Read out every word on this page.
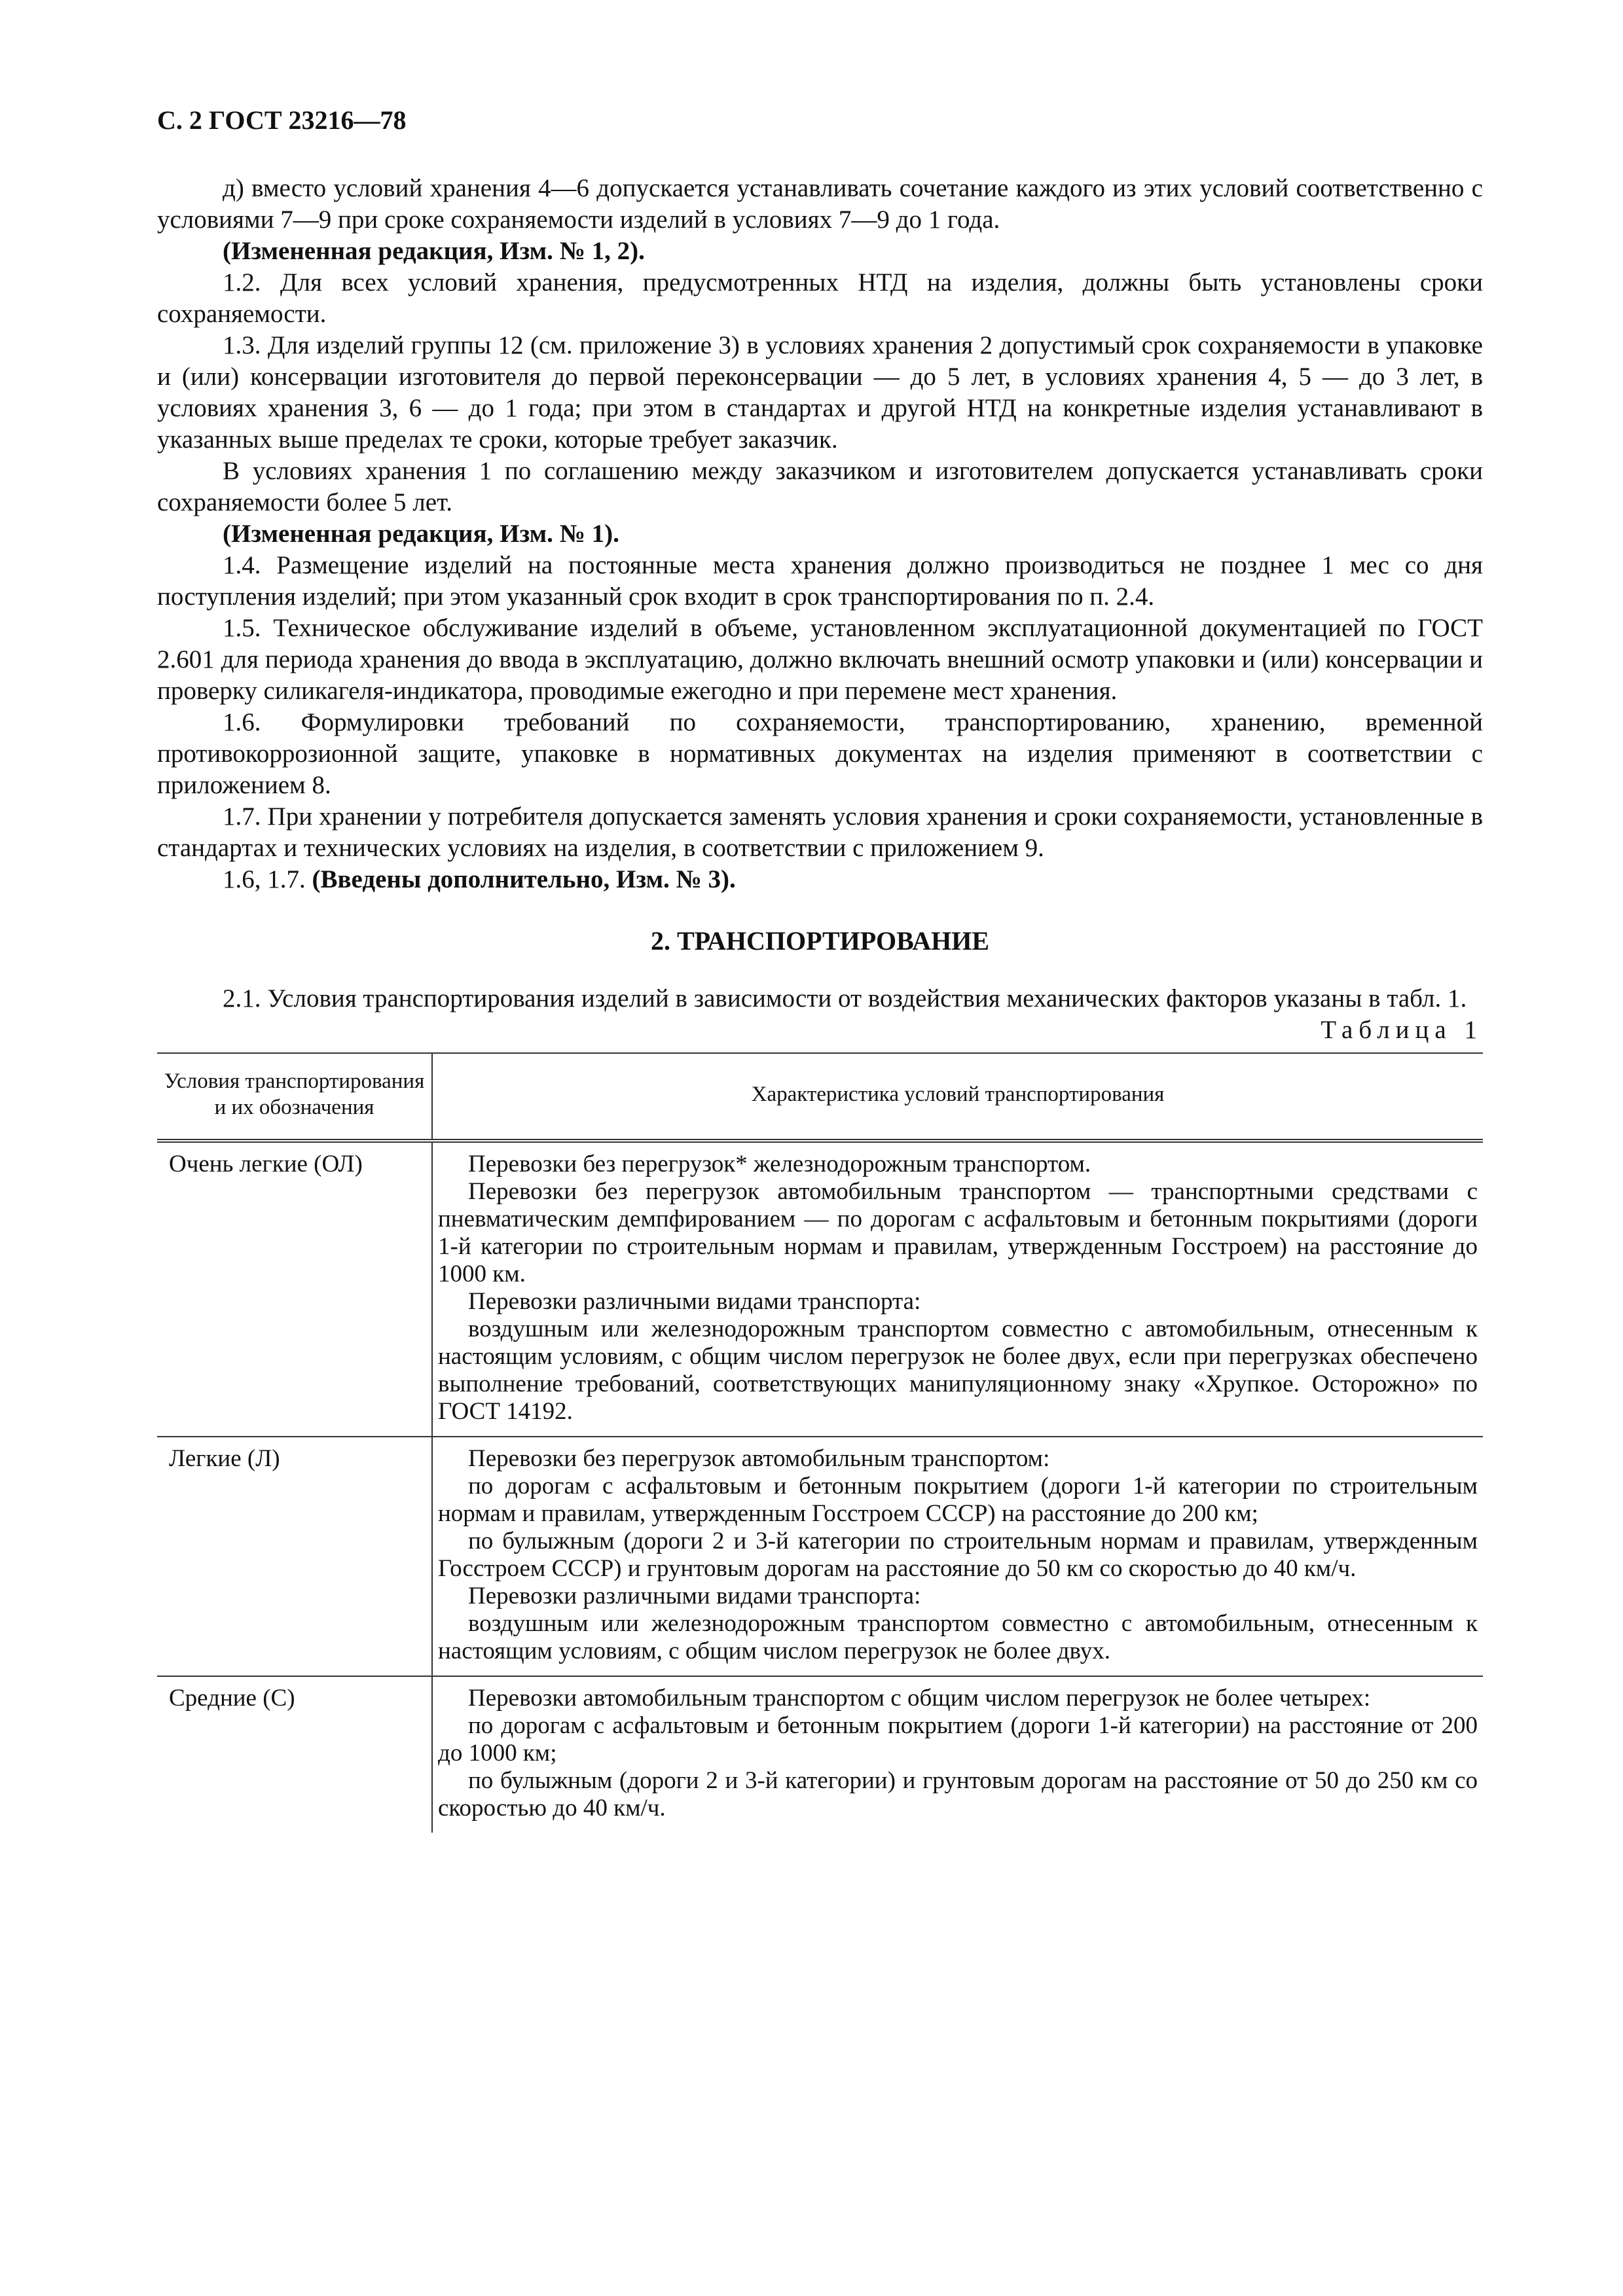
С. 2 ГОСТ 23216—78

д) вместо условий хранения 4—6 допускается устанавливать сочетание каждого из этих условий соответственно с условиями 7—9 при сроке сохраняемости изделий в условиях 7—9 до 1 года.

(Измененная редакция, Изм. № 1, 2).

1.2. Для всех условий хранения, предусмотренных НТД на изделия, должны быть установлены сроки сохраняемости.

1.3. Для изделий группы 12 (см. приложение 3) в условиях хранения 2 допустимый срок сохраняемости в упаковке и (или) консервации изготовителя до первой переконсервации — до 5 лет, в условиях хранения 4, 5 — до 3 лет, в условиях хранения 3, 6 — до 1 года; при этом в стандартах и другой НТД на конкретные изделия устанавливают в указанных выше пределах те сроки, которые требует заказчик.

В условиях хранения 1 по соглашению между заказчиком и изготовителем допускается устанавливать сроки сохраняемости более 5 лет.

(Измененная редакция, Изм. № 1).

1.4. Размещение изделий на постоянные места хранения должно производиться не позднее 1 мес со дня поступления изделий; при этом указанный срок входит в срок транспортирования по п. 2.4.

1.5. Техническое обслуживание изделий в объеме, установленном эксплуатационной документацией по ГОСТ 2.601 для периода хранения до ввода в эксплуатацию, должно включать внешний осмотр упаковки и (или) консервации и проверку силикагеля-индикатора, проводимые ежегодно и при перемене мест хранения.

1.6. Формулировки требований по сохраняемости, транспортированию, хранению, временной противокоррозионной защите, упаковке в нормативных документах на изделия применяют в соответствии с приложением 8.

1.7. При хранении у потребителя допускается заменять условия хранения и сроки сохраняемости, установленные в стандартах и технических условиях на изделия, в соответствии с приложением 9.

1.6, 1.7. (Введены дополнительно, Изм. № 3).

2. ТРАНСПОРТИРОВАНИЕ

2.1. Условия транспортирования изделий в зависимости от воздействия механических факторов указаны в табл. 1.

Таблица 1
Условия транспортирования и их обозначения	Характеристика условий транспортирования
Очень легкие (ОЛ)	Перевозки без перегрузок* железнодорожным транспортом.

Перевозки без перегрузок автомобильным транспортом — транспортными средствами с пневматическим демпфированием — по дорогам с асфальтовым и бетонным покрытиями (дороги 1-й категории по строительным нормам и правилам, утвержденным Госстроем) на расстояние до 1000 км.

Перевозки различными видами транспорта:

воздушным или железнодорожным транспортом совместно с автомобильным, отнесенным к настоящим условиям, с общим числом перегрузок не более двух, если при перегрузках обеспечено выполнение требований, соответствующих манипуляционному знаку «Хрупкое. Осторожно» по ГОСТ 14192.

Легкие (Л)	Перевозки без перегрузок автомобильным транспортом:

по дорогам с асфальтовым и бетонным покрытием (дороги 1-й категории по строительным нормам и правилам, утвержденным Госстроем СССР) на расстояние до 200 км;

по булыжным (дороги 2 и 3-й категории по строительным нормам и правилам, утвержденным Госстроем СССР) и грунтовым дорогам на расстояние до 50 км со скоростью до 40 км/ч.

Перевозки различными видами транспорта:

воздушным или железнодорожным транспортом совместно с автомобильным, отнесенным к настоящим условиям, с общим числом перегрузок не более двух.

Средние (С)	Перевозки автомобильным транспортом с общим числом перегрузок не более четырех:

по дорогам с асфальтовым и бетонным покрытием (дороги 1-й категории) на расстояние от 200 до 1000 км;

по булыжным (дороги 2 и 3-й категории) и грунтовым дорогам на расстояние от 50 до 250 км со скоростью до 40 км/ч.
